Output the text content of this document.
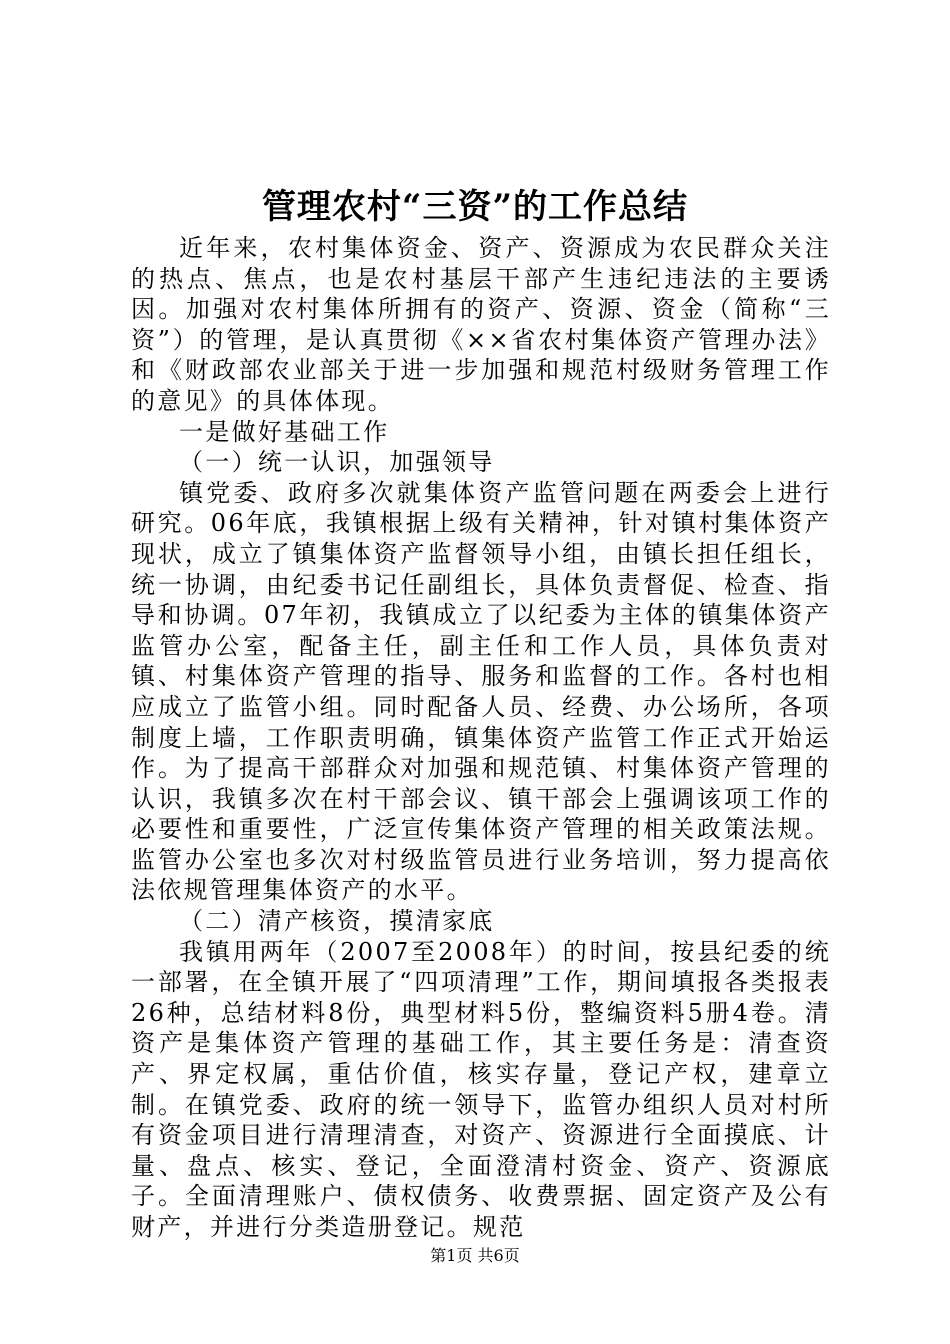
管理农村“三资”的工作总结

近年来，农村集体资金、资产、资源成为农民群众关注的热点、焦点，也是农村基层干部产生违纪违法的主要诱因。加强对农村集体所拥有的资产、资源、资金（简称“三资”）的管理，是认真贯彻《××省农村集体资产管理办法》和《财政部农业部关于进一步加强和规范村级财务管理工作的意见》的具体体现。

一是做好基础工作

（一）统一认识，加强领导

镇党委、政府多次就集体资产监管问题在两委会上进行研究。06年底，我镇根据上级有关精神，针对镇村集体资产现状，成立了镇集体资产监督领导小组，由镇长担任组长，统一协调，由纪委书记任副组长，具体负责督促、检查、指导和协调。07年初，我镇成立了以纪委为主体的镇集体资产监管办公室，配备主任，副主任和工作人员，具体负责对镇、村集体资产管理的指导、服务和监督的工作。各村也相应成立了监管小组。同时配备人员、经费、办公场所，各项制度上墙，工作职责明确，镇集体资产监管工作正式开始运作。为了提高干部群众对加强和规范镇、村集体资产管理的认识，我镇多次在村干部会议、镇干部会上强调该项工作的必要性和重要性，广泛宣传集体资产管理的相关政策法规。监管办公室也多次对村级监管员进行业务培训，努力提高依法依规管理集体资产的水平。

（二）清产核资，摸清家底

我镇用两年（2007至2008年）的时间，按县纪委的统一部署，在全镇开展了“四项清理”工作，期间填报各类报表26种，总结材料8份，典型材料5份，整编资料5册4卷。清资产是集体资产管理的基础工作，其主要任务是：清查资产、界定权属，重估价值，核实存量，登记产权，建章立制。在镇党委、政府的统一领导下，监管办组织人员对村所有资金项目进行清理清查，对资产、资源进行全面摸底、计量、盘点、核实、登记，全面澄清村资金、资产、资源底子。全面清理账户、债权债务、收费票据、固定资产及公有财产，并进行分类造册登记。规范

第1页 共6页
